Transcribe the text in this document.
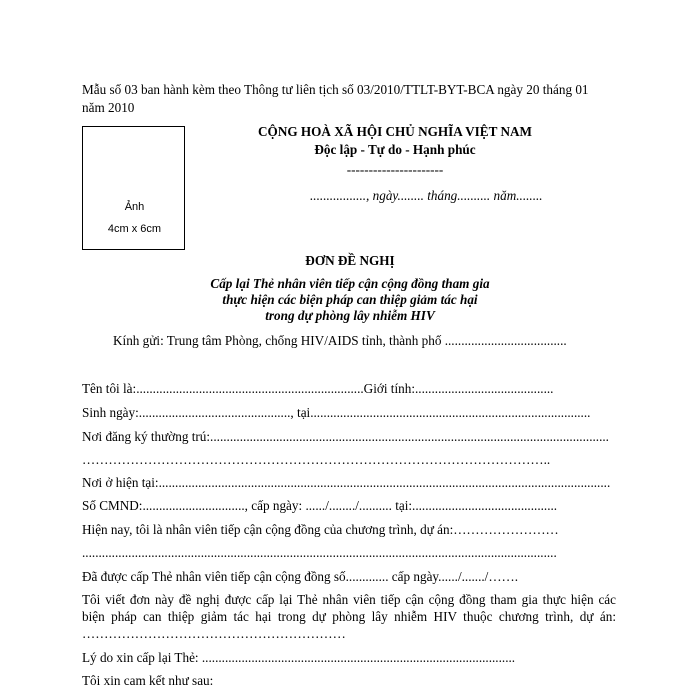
Mẫu số 03 ban hành kèm theo Thông tư liên tịch số 03/2010/TTLT-BYT-BCA ngày 20 tháng 01
năm 2010
Ảnh
4cm x 6cm
CỘNG HOÀ XÃ HỘI CHỦ NGHĨA VIỆT NAM
Độc lập - Tự do - Hạnh phúc
----------------------
................., ngày........ tháng.......... năm........
ĐƠN ĐỀ NGHỊ
Cấp lại Thẻ nhân viên tiếp cận cộng đồng tham gia
thực hiện các biện pháp can thiệp giảm tác hại
trong dự phòng lây nhiễm HIV
Kính gửi: Trung tâm Phòng, chống HIV/AIDS tỉnh, thành phố .....................................
Tên tôi là:.....................................................................Giới tính:..........................................
Sinh ngày:.............................................., tại.....................................................................................
Nơi đăng ký thường trú:.........................................................................................................................
……………………………………………………………………………………………..
Nơi ở hiện tại:.........................................................................................................................................
Số CMND:..............................., cấp ngày: ....../......../.......... tại:............................................
Hiện nay, tôi là nhân viên tiếp cận cộng đồng của chương trình, dự án:……………………
................................................................................................................................................
Đã được cấp Thẻ nhân viên tiếp cận cộng đồng số............. cấp ngày....../......./…….
Tôi viết đơn này đề nghị được cấp lại Thẻ nhân viên tiếp cận cộng đồng tham gia thực hiện các
biện pháp can thiệp giảm tác hại trong dự phòng lây nhiễm HIV thuộc chương trình, dự án:
……………………………………………………
Lý do xin cấp lại Thẻ: ...............................................................................................
Tôi xin cam kết như sau:
